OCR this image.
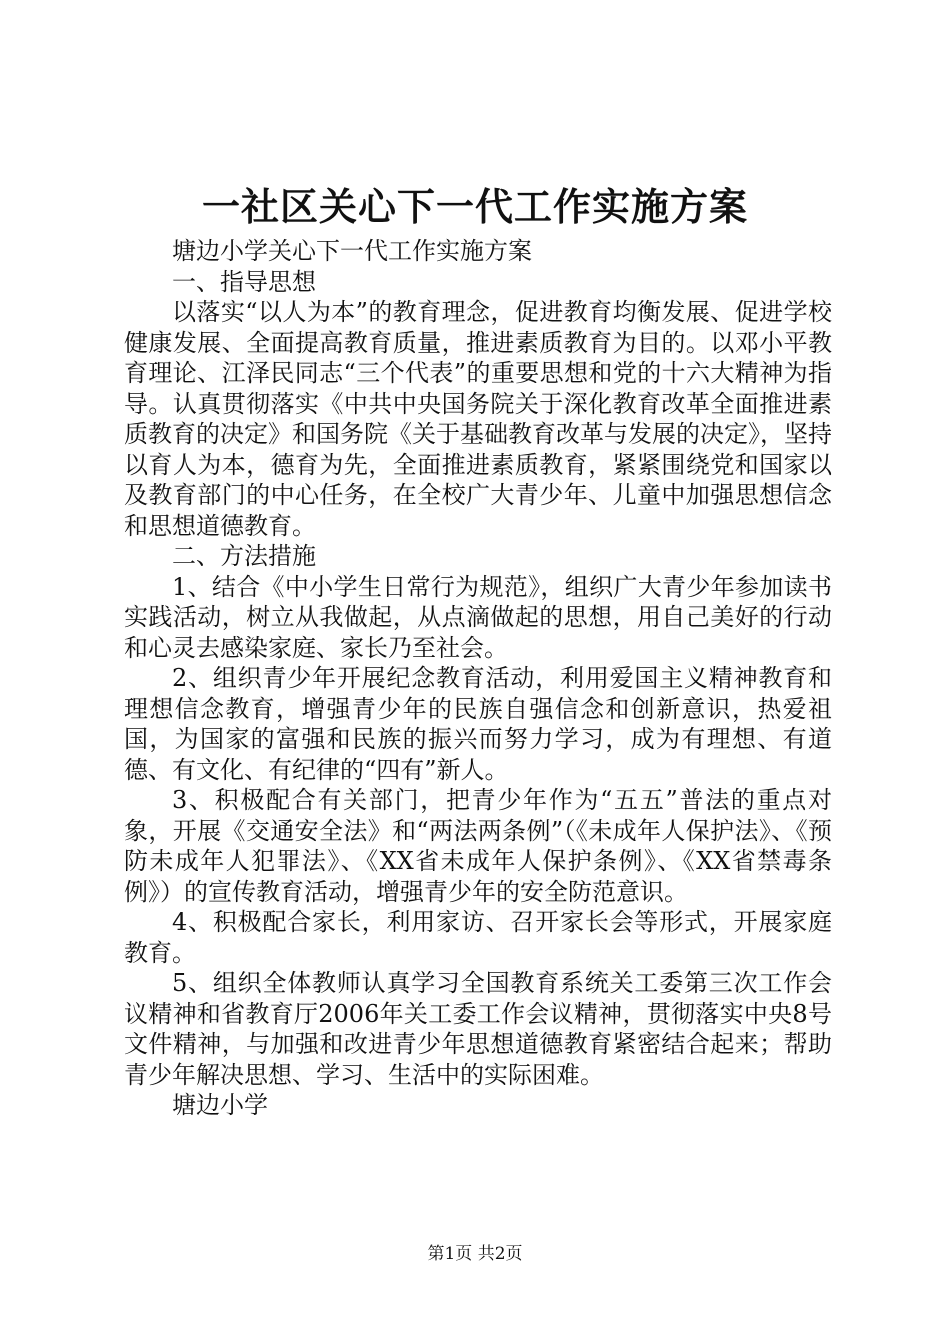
一社区关心下一代工作实施方案

塘边小学关心下一代工作实施方案

一、指导思想

以落实“以人为本”的教育理念，促进教育均衡发展、促进学校健康发展、全面提高教育质量，推进素质教育为目的。以邓小平教育理论、江泽民同志“三个代表”的重要思想和党的十六大精神为指导。认真贯彻落实《中共中央国务院关于深化教育改革全面推进素质教育的决定》和国务院《关于基础教育改革与发展的决定》，坚持以育人为本，德育为先，全面推进素质教育，紧紧围绕党和国家以及教育部门的中心任务，在全校广大青少年、儿童中加强思想信念和思想道德教育。

二、方法措施

1、结合《中小学生日常行为规范》，组织广大青少年参加读书实践活动，树立从我做起，从点滴做起的思想，用自己美好的行动和心灵去感染家庭、家长乃至社会。

2、组织青少年开展纪念教育活动，利用爱国主义精神教育和理想信念教育，增强青少年的民族自强信念和创新意识，热爱祖国，为国家的富强和民族的振兴而努力学习，成为有理想、有道德、有文化、有纪律的“四有”新人。

3、积极配合有关部门，把青少年作为“五五”普法的重点对象，开展《交通安全法》和“两法两条例”（《未成年人保护法》、《预防未成年人犯罪法》、《XX省未成年人保护条例》、《XX省禁毒条例》）的宣传教育活动，增强青少年的安全防范意识。

4、积极配合家长，利用家访、召开家长会等形式，开展家庭教育。

5、组织全体教师认真学习全国教育系统关工委第三次工作会议精神和省教育厅2006年关工委工作会议精神，贯彻落实中央8号文件精神，与加强和改进青少年思想道德教育紧密结合起来；帮助青少年解决思想、学习、生活中的实际困难。

塘边小学

第1页 共2页
